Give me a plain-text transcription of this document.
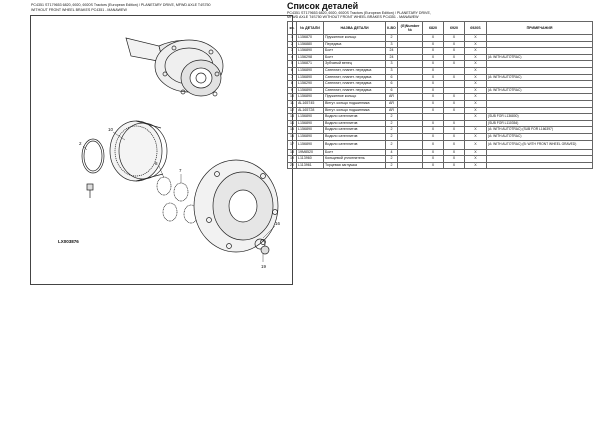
PC4351 ST179653 6820, 6920, 6920S Tractors (European Edition) / PLANETARY DRIVE, MFWD AXLE T4S750
WITHOUT FRONT WHEEL BRAKES PC4351 - MANAWEW
2
10
8
7
16
19
LX003876
Список деталей
PC4351 ST179653 6820, 6920, 6920S Tractors (European Edition) / PLANETARY DRIVE,
MFWD AXLE T4S750 WITHOUT FRONT WHEEL BRAKES PC4351 - MANAWEW
кн.	№ ДЕТАЛИ	НАЗВА ДЕТАЛИ	К-ВО	(G)Number №	6820	6920	6920S	ПРИМЕЧАНИЯ
1	L156870	Пружинное кольцо	2		X	X	X	
2	L156880	Передача	3		X	X	X	
3	L156890	Болт	24		X	X	X	
4	L156298	Болт	24		X	X	X	(A: WITH AUTOTRAC)
5	L156871	Зубчатый венец	3		X	X	X	
6	L156890	Сателлит, планет. передача	3		X		X	
7	L156890	Сателлит, планет. передача	6		X	X	X	(A: WITH AUTOTRAC)
8	L156290	Сателлит, планет. передача	6		X		X	
9	L156890	Сателлит, планет. передача	6		X		X	(A: WITH AUTOTRAC)
10	L156890	Пружинное кольцо	AR		X	X	X	
11	AL165745	Вінгут. кольцо подшипника	AR		X	X	X	
12	AL165728	Вінгут. кольцо подшипника	AR		X	X	X	
13	L156890	Водило сателлитов	2				X	(SUB FOR L136800)
14	L156890	Водило сателлитов	2		X	X		(SUB FOR L110354)
15	L156890	Водило сателлитов	2		X	X	X	(A: WITH AUTOTRAC) (SUB FOR L166397)
16	L156890	Водило сателлитов	2		X	X	X	(A: WITH AUTOTRAC)
17	L156890	Водило сателлитов	2		X	X	X	(A: WITH AUTOTRAC) (B: WITH FRONT WHEEL GRAVED)
18	19M8520	Болт	4		X	X	X	
19	L113960	Кольцевой уплотнитель	2		X	X	X	
20	L113961	Торцевая заглушка	2		X	X	X	
